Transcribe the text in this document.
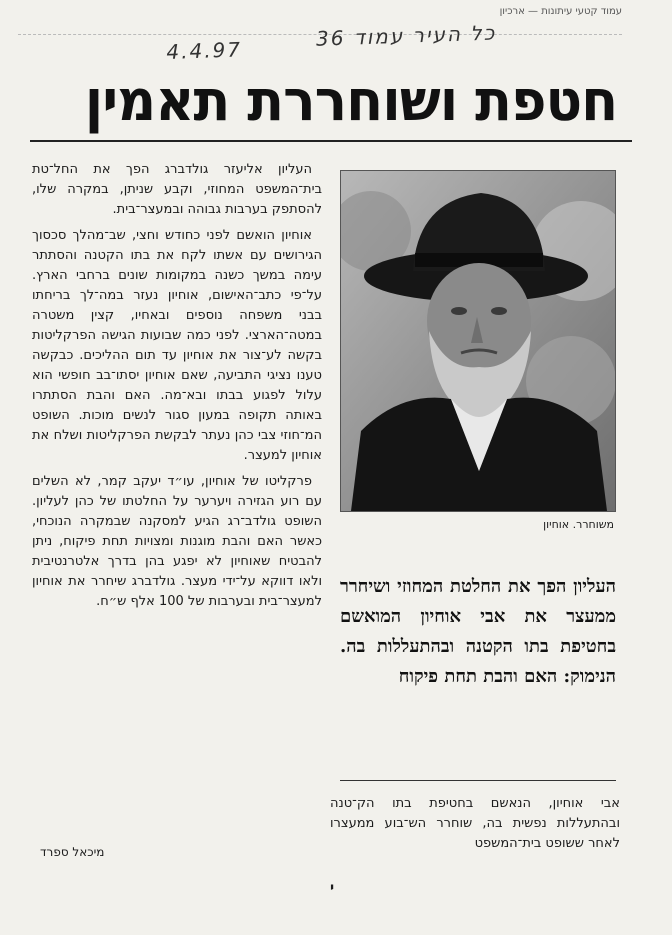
עמוד קטעי עיתונות — ארכיון
4.4.97	כל העיר עמוד 36
חטפת ושוחררת תאמין

העליון אליעזר גולדברג הפך את החל־טת בית־המשפט המחוזי, וקבע שניתן, במקרה שלו, להסתפק בערבות גבוהה ובמעצר־בית.

אוחיון הואשם לפני כחודש וחצי, שב־מהלך סכסוך הגירושים עם אשתו לקח את בתו הקטנה והסתתר עימה במשך כשנה במקומות שונים ברחבי הארץ. על־פי כתב־האישום, אוחיון נעזר במה־לך בריחתו בבני משפחה נוספים ובאחיו, קצין משטרה במטה־הארצי. לפני כמה שבועות הגישה הפרקליטות בקשה לע־צור את אוחיון עד תום ההליכים. כבקשה טענו נציגי התביעה, שאם אוחיון יסתו־בב חופשי הוא עלול לפגוע בבתו ובא־מה. האם והבת הסתתרו באותה תקופה במעון סגור לנשים מוכות. השופט המ־חוזי צבי כהן נעתר לבקשת הפרקליטות ושלח את אוחיון למעצר.

פרקליטו של אוחיון, עו״ד יעקב קמר, לא השלים עם רוע הגזירה ויערער על החלטתו של כהן לעליון. השופט גולדב־רג הגיע למסקנה שבמקרה הנוכחי, כאשר האם והבת מוגנות ומצויות תחת פיקוח, ניתן להבטיח שאוחיון לא יפגע בהן בדרך אלטרנטיבית ולאו דווקא על־ידי מעצר. גולדברג שיחרר את אוחיון למעצר־בית ובערבות של 100 אלף ש״ח.

מיכאל ספרד
משוחרר. אוחיון
העליון הפך את החלטת המחוזי ושיחרר ממעצר את אבי אוחיון המואשם בחטיפת בתו הקטנה ובהתעללות בה. הנימוק: האם והבת תחת פיקוח
אבי אוחיון, הנאשם בחטיפת בתו הק־טנה ובהתעללות נפשית בה, שוחרר הש־בוע ממעצרו לאחר ששופט בית־המשפט
י
